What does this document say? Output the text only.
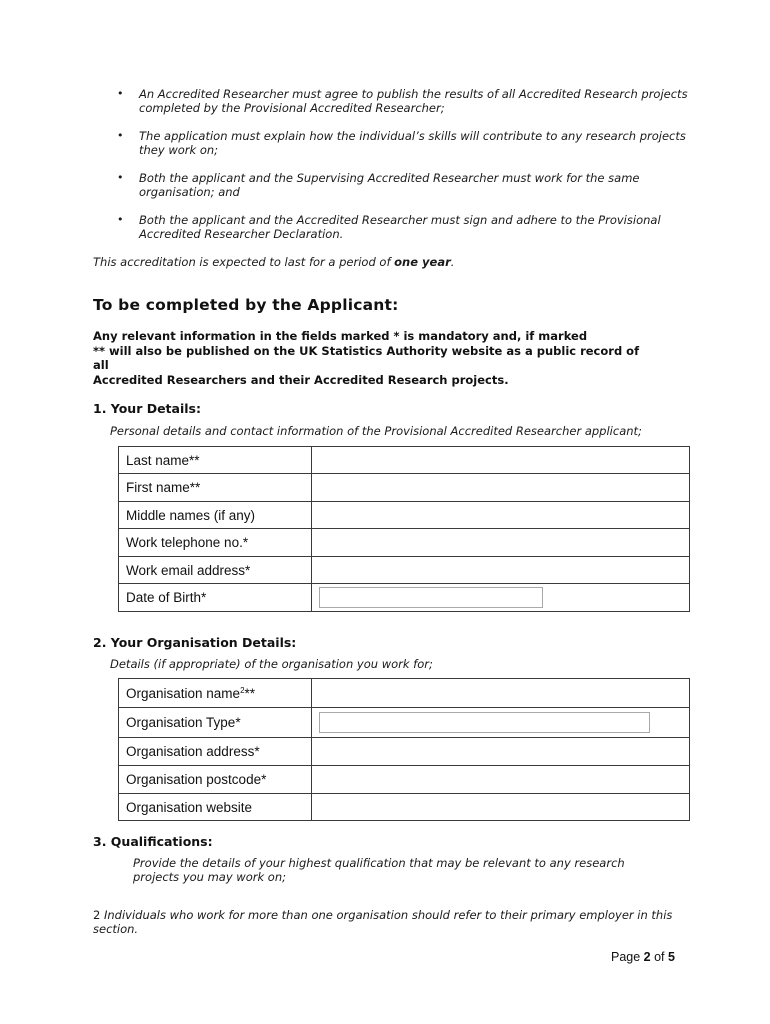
• An Accredited Researcher must agree to publish the results of all Accredited Research projects completed by the Provisional Accredited Researcher;
• The application must explain how the individual’s skills will contribute to any research projects they work on;
• Both the applicant and the Supervising Accredited Researcher must work for the same organisation; and
• Both the applicant and the Accredited Researcher must sign and adhere to the Provisional Accredited Researcher Declaration.

This accreditation is expected to last for a period of one year.

To be completed by the Applicant:

Any relevant information in the fields marked * is mandatory and, if marked
** will also be published on the UK Statistics Authority website as a public record of all
Accredited Researchers and their Accredited Research projects.

1. Your Details:

Personal details and contact information of the Provisional Accredited Researcher applicant;

Last name**	
First name**	
Middle names (if any)	
Work telephone no.*	
Work email address*	
Date of Birth*	
2. Your Organisation Details:

Details (if appropriate) of the organisation you work for;

Organisation name$^2$**	
Organisation Type*	

Organisation address*	
Organisation postcode*	
Organisation website	
3. Qualifications:

Provide the details of your highest qualification that may be relevant to any research projects you may work on;

2 Individuals who work for more than one organisation should refer to their primary employer in this section.

Page 2 of 5
